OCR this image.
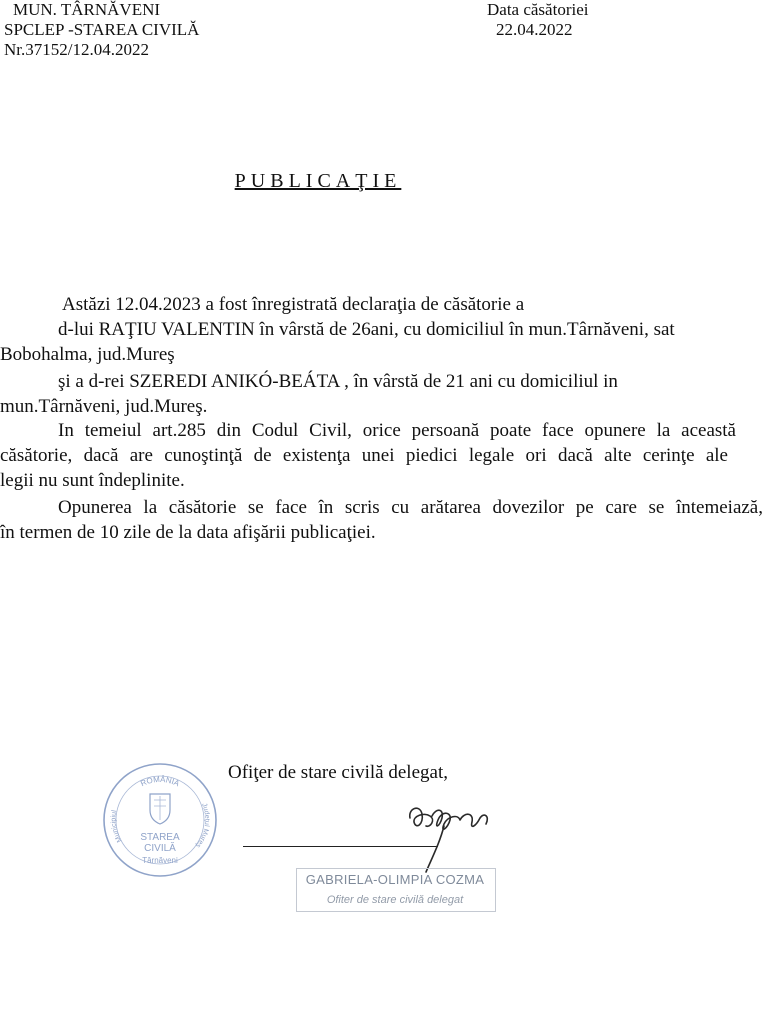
MUN. TÂRNĂVENI
SPCLEP -STAREA CIVILĂ
Nr.37152/12.04.2022
Data căsătoriei
22.04.2022
PUBLICAŢIE
Astăzi 12.04.2023 a fost înregistrată declaraţia de căsătorie a
d-lui RAŢIU VALENTIN în vârstă de 26ani, cu domiciliul în mun.Târnăveni, sat
Bobohalma, jud.Mureş
şi a d-rei SZEREDI ANIKÓ-BEÁTA , în vârstă de 21 ani cu domiciliul in
mun.Târnăveni, jud.Mureş.
In temeiul art.285 din Codul Civil, orice persoană poate face opunere la această
căsătorie, dacă are cunoştinţă de existenţa unei piedici legale ori dacă alte cerinţe ale
legii nu sunt îndeplinite.
Opunerea la căsătorie se face în scris cu arătarea dovezilor pe care se întemeiază,
în termen de 10 zile de la data afişării publicaţiei.
Ofiţer de stare civilă delegat,
ROMÂNIA
Municipiul
Judeţul Mureş
STAREA
CIVILĂ
Târnăveni
GABRIELA-OLIMPIA COZMA
Ofiter de stare civilă delegat
